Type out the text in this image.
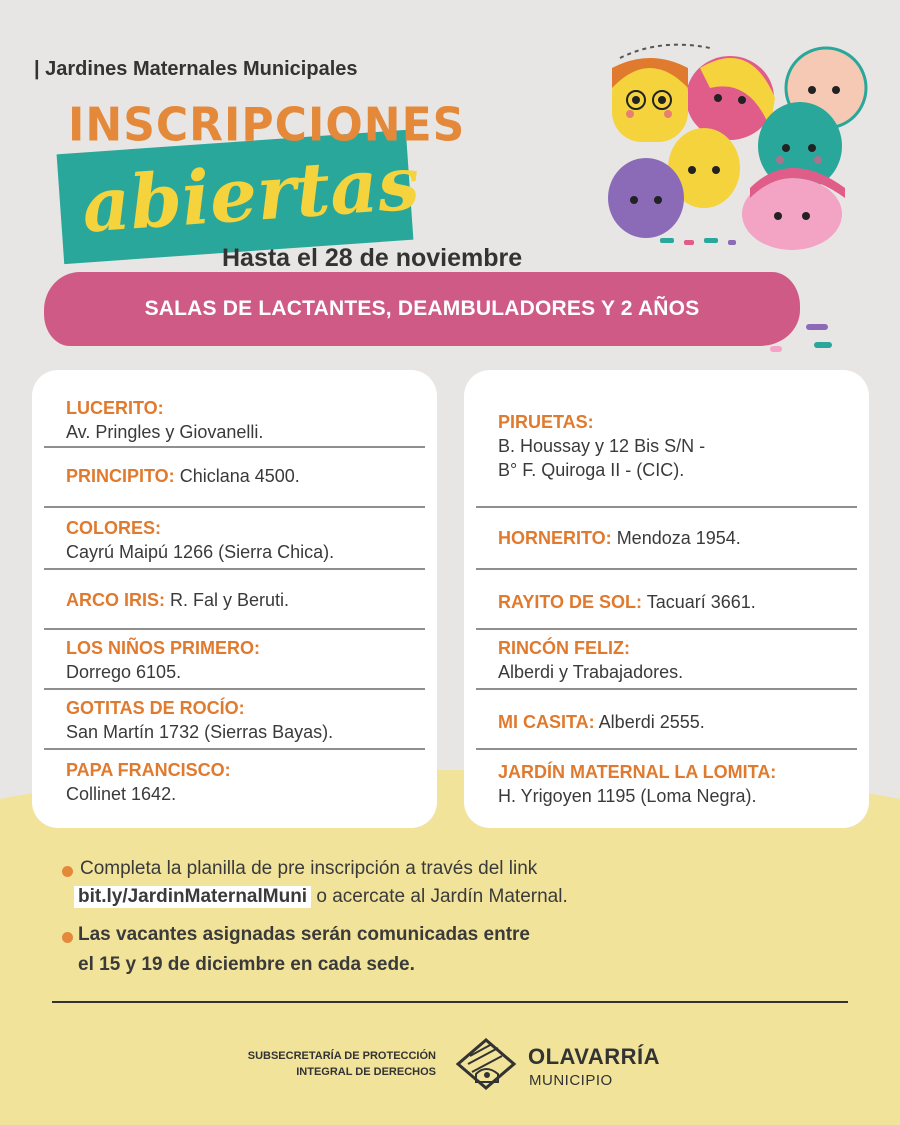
| Jardines Maternales Municipales
INSCRIPCIONES
abiertas
Hasta el 28 de noviembre
SALAS DE LACTANTES, DEAMBULADORES Y 2 AÑOS
LUCERITO:
Av. Pringles y Giovanelli.
PRINCIPITO: Chiclana 4500.
COLORES:
Cayrú Maipú 1266 (Sierra Chica).
ARCO IRIS: R. Fal y Beruti.
LOS NIÑOS PRIMERO:
Dorrego 6105.
GOTITAS DE ROCÍO:
San Martín 1732 (Sierras Bayas).
PAPA FRANCISCO:
Collinet 1642.
PIRUETAS:
B. Houssay y 12 Bis S/N -
B° F. Quiroga II - (CIC).
HORNERITO: Mendoza 1954.
RAYITO DE SOL: Tacuarí 3661.
RINCÓN FELIZ:
Alberdi y Trabajadores.
MI CASITA: Alberdi 2555.
JARDÍN MATERNAL LA LOMITA:
H. Yrigoyen 1195 (Loma Negra).
Completa la planilla de pre inscripción a través del link
bit.ly/JardinMaternalMuni o acercate al Jardín Maternal.
Las vacantes asignadas serán comunicadas entre
el 15 y 19 de diciembre en cada sede.
SUBSECRETARÍA DE PROTECCIÓN
INTEGRAL DE DERECHOS
OLAVARRÍA
MUNICIPIO
